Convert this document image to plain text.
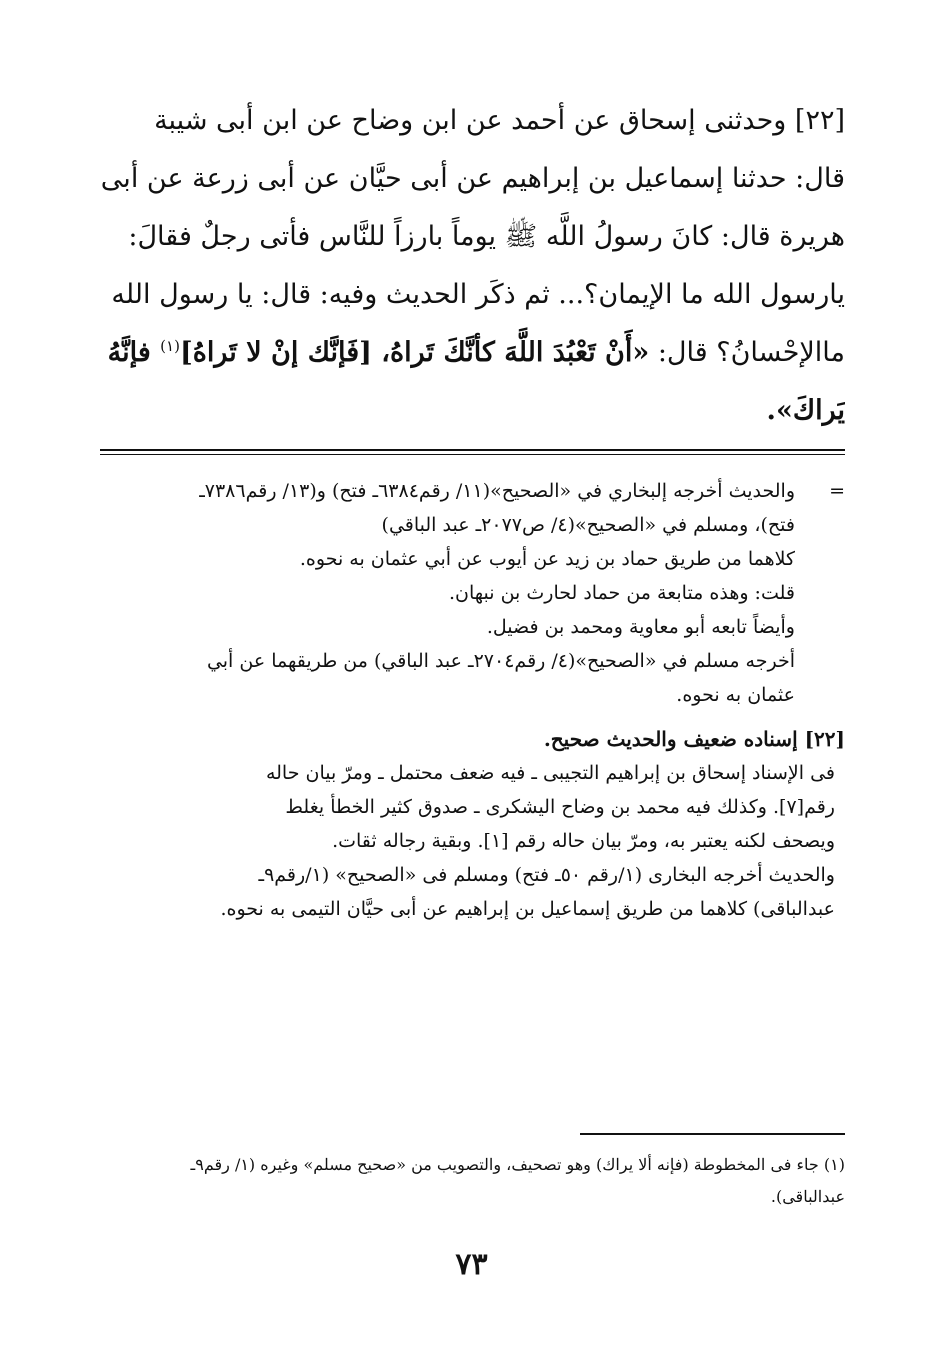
[٢٢] وحدثنى إسحاق عن أحمد عن ابن وضاح عن ابن أبى شيبة
قال: حدثنا إسماعيل بن إبراهيم عن أبى حيَّان عن أبى زرعة عن أبى
هريرة قال: كانَ رسولُ اللَّه ﷺ يوماً بارزاً للنَّاس فأتى رجلٌ فقالَ:
يارسول الله ما الإيمان؟... ثم ذكَر الحديث وفيه: قال: يا رسول الله
ماالإحْسانُ؟ قال: «أَنْ تَعْبُدَ اللَّهَ كأنَّكَ تَراهُ، [فَإنَّك إنْ لا تَراهُ]$^{(١)}$ فإنَّهُ
يَراكَ».
=
والحديث أخرجه إلبخاري في «الصحيح»(١١/ رقم٦٣٨٤ـ فتح) و(١٣/ رقم٧٣٨٦ـ
فتح)، ومسلم في «الصحيح»(٤/ ص٢٠٧٧ـ عبد الباقي)
كلاهما من طريق حماد بن زيد عن أيوب عن أبي عثمان به نحوه.
قلت: وهذه متابعة من حماد لحارث بن نبهان.
وأيضاً تابعه أبو معاوية ومحمد بن فضيل.
أخرجه مسلم في «الصحيح»(٤/ رقم٢٧٠٤ـ عبد الباقي) من طريقهما عن أبي
عثمان به نحوه.
[٢٢] إسناده ضعيف والحديث صحيح.
فى الإسناد إسحاق بن إبراهيم التجيبى ـ فيه ضعف محتمل ـ ومرّ بيان حاله
رقم[٧]. وكذلك فيه محمد بن وضاح اليشكرى ـ صدوق كثير الخطأ يغلط
ويصحف لكنه يعتبر به، ومرّ بيان حاله رقم [١]. وبقية رجاله ثقات.
والحديث أخرجه البخارى (١/رقم ٥٠ـ فتح) ومسلم فى «الصحيح» (١/رقم٩ـ
عبدالباقى) كلاهما من طريق إسماعيل بن إبراهيم عن أبى حيَّان التيمى به نحوه.
(١) جاء فى المخطوطة (فإنه ألا يراك) وهو تصحيف، والتصويب من «صحيح مسلم» وغيره (١/ رقم٩ـ
عبدالباقى).
٧٣
